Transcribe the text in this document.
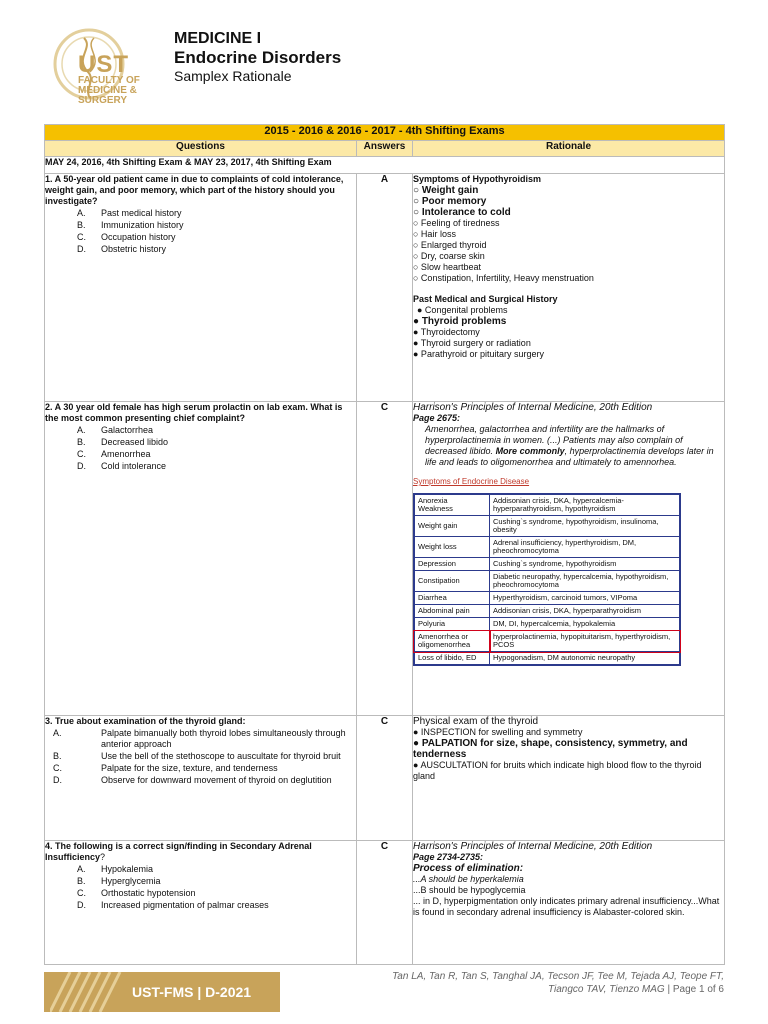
UST
FACULTY OF
MEDICINE &
SURGERY
MEDICINE I
Endocrine Disorders
Samplex Rationale
2015 - 2016 & 2016 - 2017 - 4th Shifting Exams
Questions	Answers	Rationale
MAY 24, 2016, 4th Shifting Exam & MAY 23, 2017, 4th Shifting Exam

1. A 50-year old patient came in due to complaints of cold intolerance, weight gain, and poor memory, which part of the history should you investigate?
A. Past medical history
B. Immunization history
C. Occupation history
D. Obstetric history
	A	Symptoms of Hypothyroidism
○ Weight gain
○ Poor memory
○ Intolerance to cold
○ Feeling of tiredness
○ Hair loss
○ Enlarged thyroid
○ Dry, coarse skin
○ Slow heartbeat
○ Constipation, Infertility, Heavy menstruation
Past Medical and Surgical History
● Congenital problems
● Thyroid problems
● Thyroidectomy
● Thyroid surgery or radiation
● Parathyroid or pituitary surgery

2. A 30 year old female has high serum prolactin on lab exam. What is the most common presenting chief complaint?
A. Galactorrhea
B. Decreased libido
C. Amenorrhea
D. Cold intolerance
	C	Harrison's Principles of Internal Medicine, 20th Edition
Page 2675:
Amenorrhea, galactorrhea and infertility are the hallmarks of hyperprolactinemia in women. (...) Patients may also complain of decreased libido. More commonly, hyperprolactinemia develops later in life and leads to oligomenorrhea and ultimately to amennorhea.
Symptoms of Endocrine Disease
Anorexia
Weakness	Addisonian crisis, DKA, hypercalcemia-hyperparathyroidism, hypothyroidism
Weight gain	Cushing`s syndrome, hypothyroidism, insulinoma, obesity
Weight loss	Adrenal insufficiency, hyperthyroidism, DM, pheochromocytoma
Depression	Cushing`s syndrome, hypothyroidism
Constipation	Diabetic neuropathy, hypercalcemia, hypothyroidism, pheochromocytoma
Diarrhea	Hyperthyroidism, carcinoid tumors, VIPoma
Abdominal pain	Addisonian crisis, DKA, hyperparathyroidism
Polyuria	DM, DI, hypercalcemia, hypokalemia
Amenorrhea or oligomenorrhea	hyperprolactinemia, hypopituitarism, hyperthyroidism, PCOS
Loss of libido, ED	Hypogonadism, DM autonomic neuropathy

3. True about examination of the thyroid gland:
A.	Palpate bimanually both thyroid lobes simultaneously through anterior approach
B.	Use the bell of the stethoscope to auscultate for thyroid bruit
C.	Palpate for the size, texture, and tenderness
D.	Observe for downward movement of thyroid on deglutition
	C	Physical exam of the thyroid
● INSPECTION for swelling and symmetry
● PALPATION for size, shape, consistency, symmetry, and tenderness
● AUSCULTATION for bruits which indicate high blood flow to the thyroid gland

4. The following is a correct sign/finding in Secondary Adrenal Insufficiency?
A. Hypokalemia
B. Hyperglycemia
C. Orthostatic hypotension
D. Increased pigmentation of palmar creases
	C	Harrison's Principles of Internal Medicine, 20th Edition
Page 2734-2735:
Process of elimination:
...A should be hyperkalemia
...B should be hypoglycemia
... in D, hyperpigmentation only indicates primary adrenal insufficiency...What is found in secondary adrenal insufficiency is Alabaster-colored skin.
UST-FMS | D-2021
Tan LA, Tan R, Tan S, Tanghal JA, Tecson JF, Tee M, Tejada AJ, Teope FT,
Tiangco TAV, Tienzo MAG | Page 1 of 6
